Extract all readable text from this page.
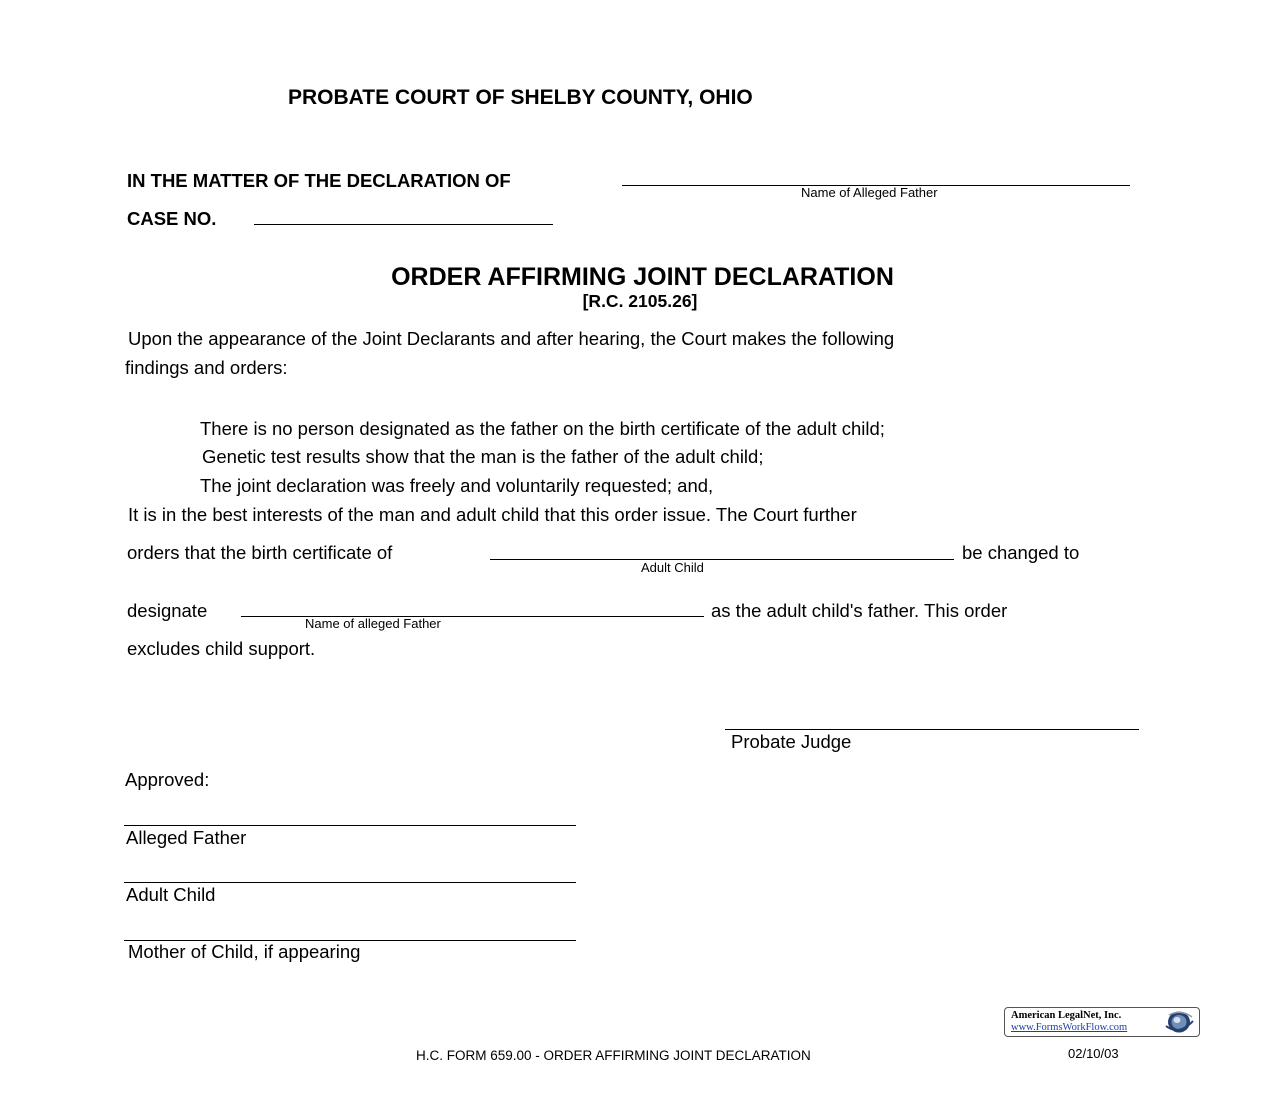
PROBATE COURT OF SHELBY COUNTY, OHIO
IN THE MATTER OF THE DECLARATION OF
Name of Alleged Father
CASE NO.
ORDER AFFIRMING JOINT DECLARATION
[R.C. 2105.26]
Upon the appearance of the Joint Declarants and after hearing, the Court makes the following
findings and orders:
There is no person designated as the father on the birth certificate of the adult child;
Genetic test results show that the man is the father of the adult child;
The joint declaration was freely and voluntarily requested; and,
It is in the best interests of the man and adult child that this order issue. The Court further
orders that the birth certificate of	be changed to
Adult Child
designate	as the adult child's father. This order
Name of alleged Father
excludes child support.
Probate Judge
Approved:
Alleged Father
Adult Child
Mother of Child, if appearing
American LegalNet, Inc.
www.FormsWorkFlow.com
H.C. FORM 659.00 - ORDER AFFIRMING JOINT DECLARATION	02/10/03
